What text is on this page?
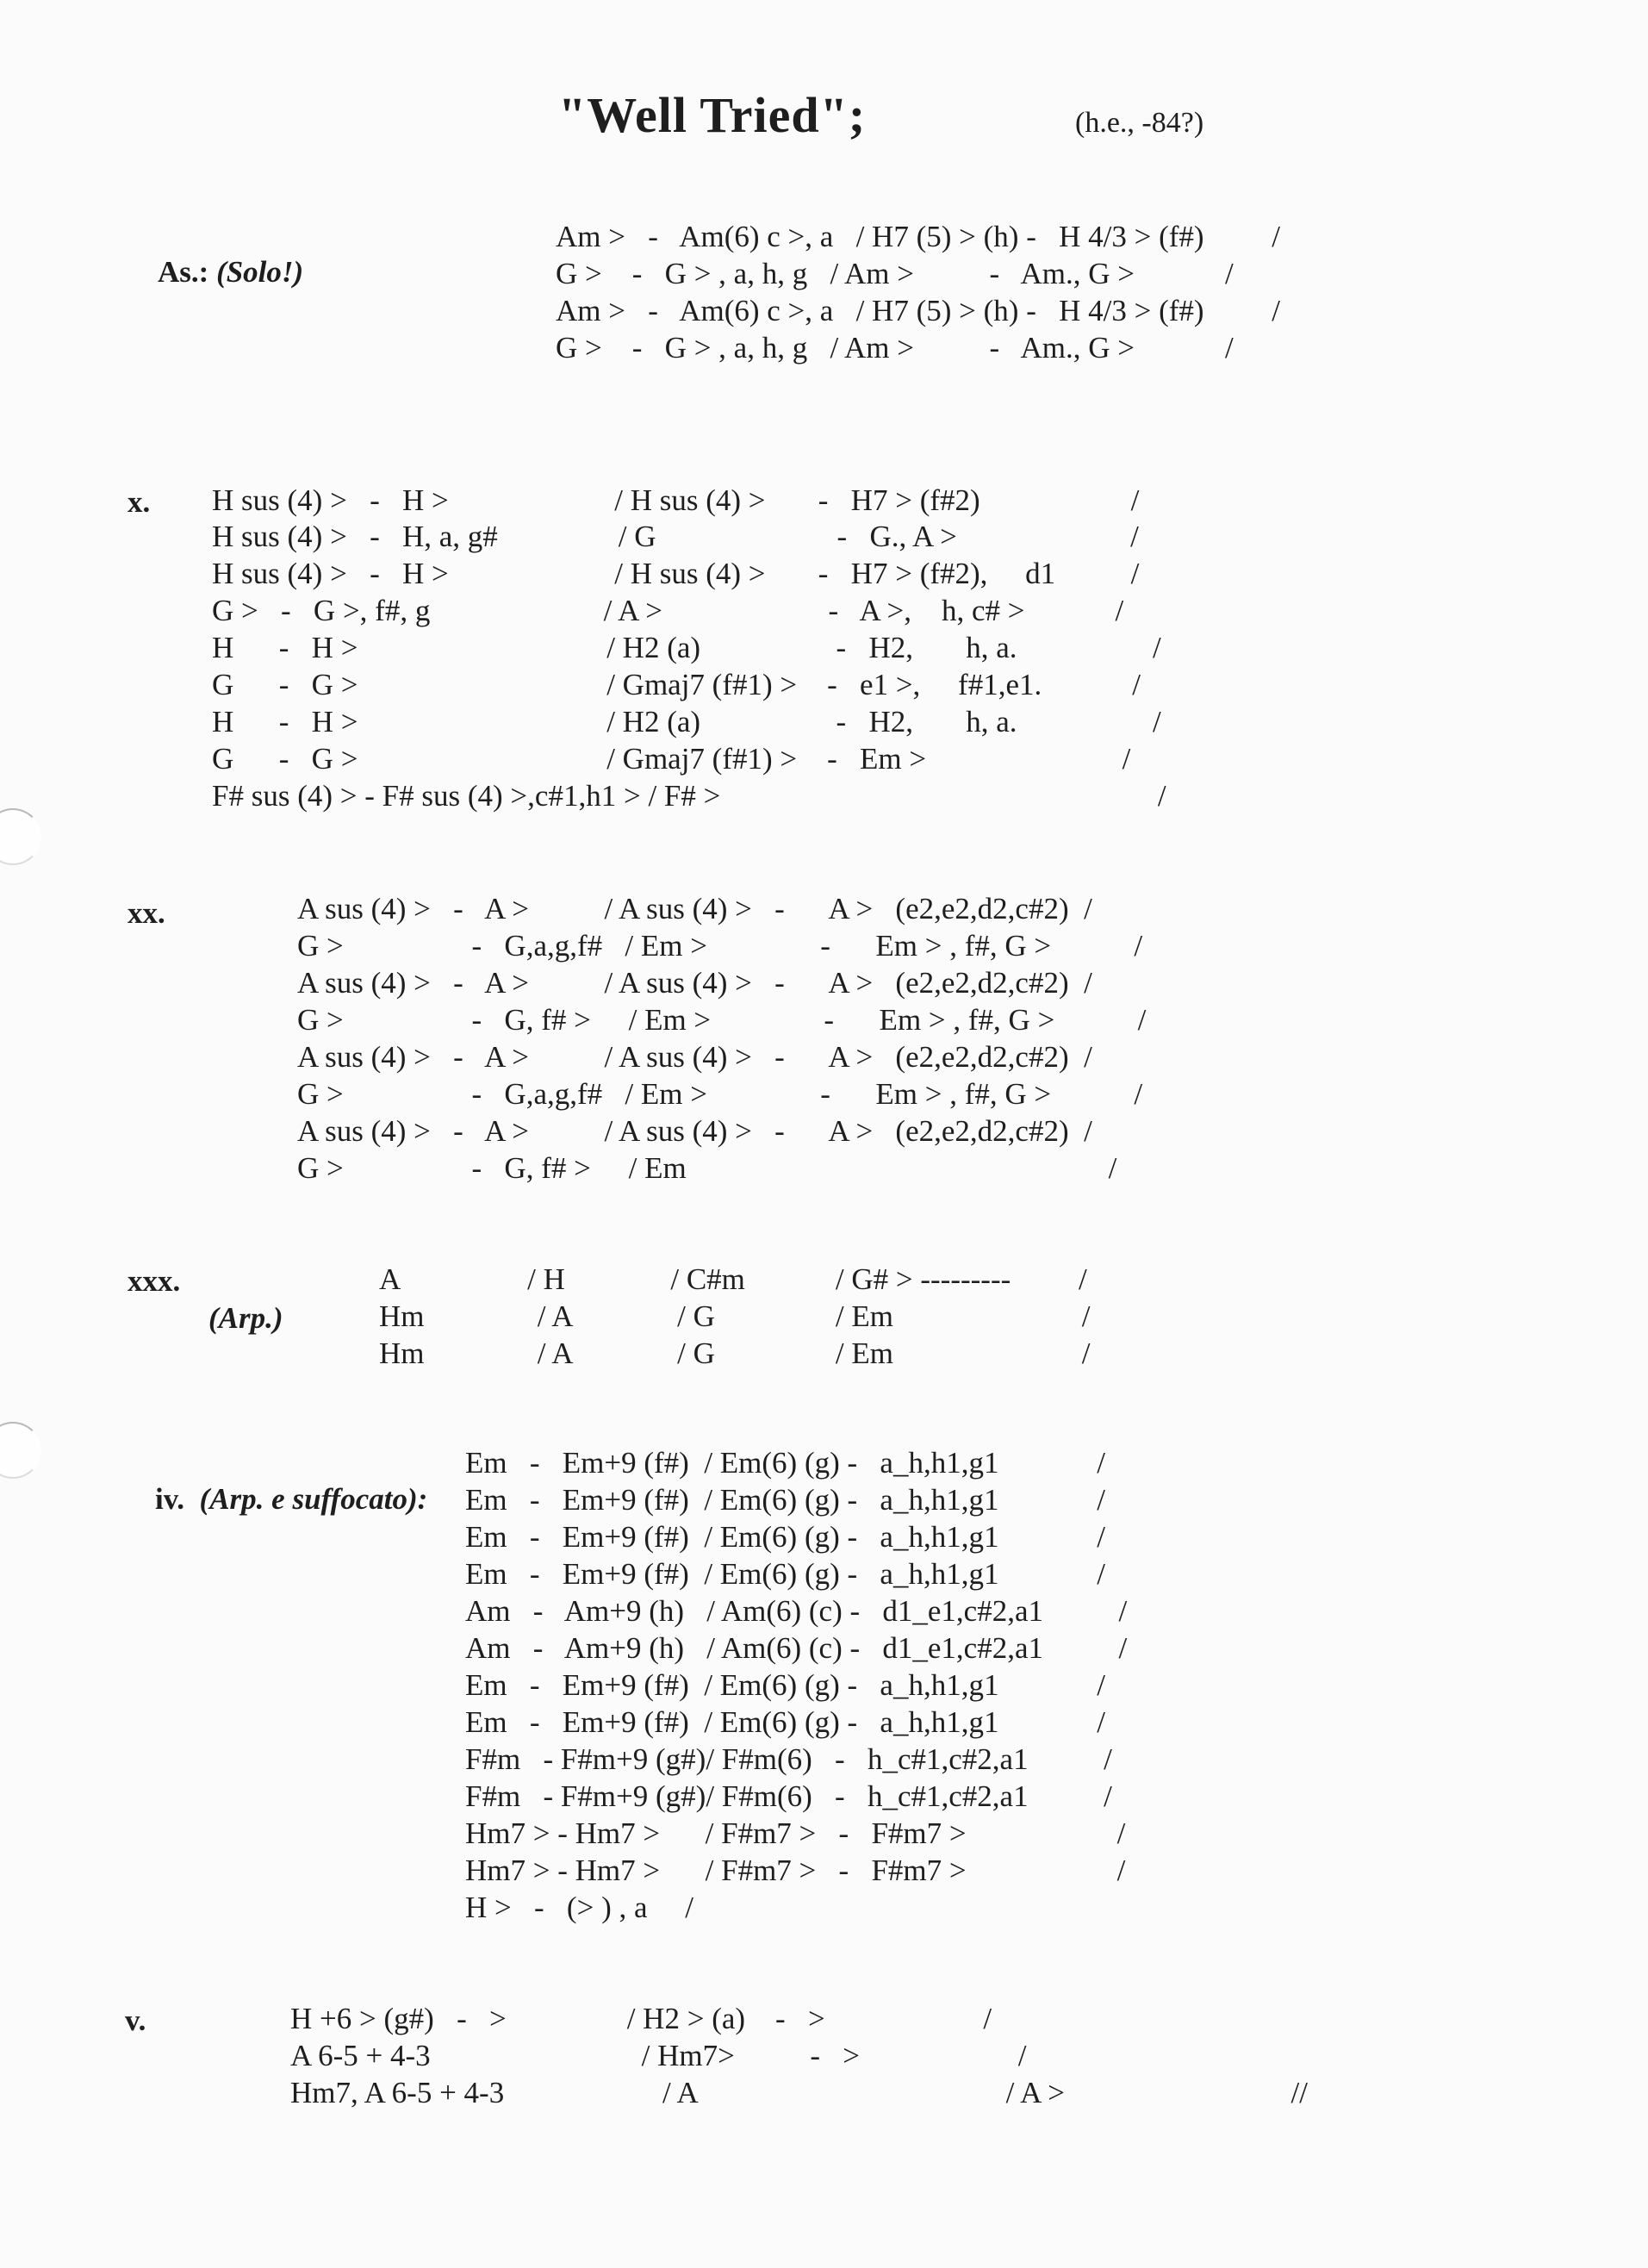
"Well Tried";	(h.e., -84?)

As.: (Solo!)

Am >   -   Am(6) c >, a   / H7 (5) > (h) -   H 4/3 > (f#)         /
G >    -   G > , a, h, g   / Am >          -   Am., G >            /
Am >   -   Am(6) c >, a   / H7 (5) > (h) -   H 4/3 > (f#)         /
G >    -   G > , a, h, g   / Am >          -   Am., G >            /
x. H sus (4) >   -   H >                      / H sus (4) >       -   H7 > (f#2)                    /
H sus (4) >   -   H, a, g#                / G                        -   G., A >                       /
H sus (4) >   -   H >                      / H sus (4) >       -   H7 > (f#2),     d1          /
G >   -   G >, f#, g                       / A >                      -   A >,    h, c# >            /
H      -   H >                                 / H2 (a)                  -   H2,       h, a.                  /
G      -   G >                                 / Gmaj7 (f#1) >    -   e1 >,     f#1,e1.            /
H      -   H >                                 / H2 (a)                  -   H2,       h, a.                  /
G      -   G >                                 / Gmaj7 (f#1) >    -   Em >                          /
F# sus (4) > - F# sus (4) >,c#1,h1 > / F# >                                                          /
xx.	A sus (4) >   -   A >          / A sus (4) >   -      A >   (e2,e2,d2,c#2)  /
G >                 -   G,a,g,f#   / Em >               -      Em > , f#, G >           /
A sus (4) >   -   A >          / A sus (4) >   -      A >   (e2,e2,d2,c#2)  /
G >                 -   G, f# >     / Em >               -      Em > , f#, G >           /
A sus (4) >   -   A >          / A sus (4) >   -      A >   (e2,e2,d2,c#2)  /
G >                 -   G,a,g,f#   / Em >               -      Em > , f#, G >           /
A sus (4) >   -   A >          / A sus (4) >   -      A >   (e2,e2,d2,c#2)  /
G >                 -   G, f# >     / Em                                                        /
xxx.
(Arp.)
A                 / H              / C#m            / G# > ---------         /
Hm               / A              / G                / Em                         /
Hm               / A              / G                / Em                         /

iv. (Arp. e suffocato):

Em   -   Em+9 (f#)  / Em(6) (g) -   a_h,h1,g1             /
Em   -   Em+9 (f#)  / Em(6) (g) -   a_h,h1,g1             /
Em   -   Em+9 (f#)  / Em(6) (g) -   a_h,h1,g1             /
Em   -   Em+9 (f#)  / Em(6) (g) -   a_h,h1,g1             /
Am   -   Am+9 (h)   / Am(6) (c) -   d1_e1,c#2,a1          /
Am   -   Am+9 (h)   / Am(6) (c) -   d1_e1,c#2,a1          /
Em   -   Em+9 (f#)  / Em(6) (g) -   a_h,h1,g1             /
Em   -   Em+9 (f#)  / Em(6) (g) -   a_h,h1,g1             /
F#m   - F#m+9 (g#)/ F#m(6)   -   h_c#1,c#2,a1          /
F#m   - F#m+9 (g#)/ F#m(6)   -   h_c#1,c#2,a1          /
Hm7 > - Hm7 >      / F#m7 >   -   F#m7 >                    /
Hm7 > - Hm7 >      / F#m7 >   -   F#m7 >                    /
H >   -   (> ) , a     /
v.	H +6 > (g#)   -   >                / H2 > (a)    -   >                     /
A 6-5 + 4-3                            / Hm7>          -   >                     /
Hm7, A 6-5 + 4-3                     / A                                         / A >                              //
